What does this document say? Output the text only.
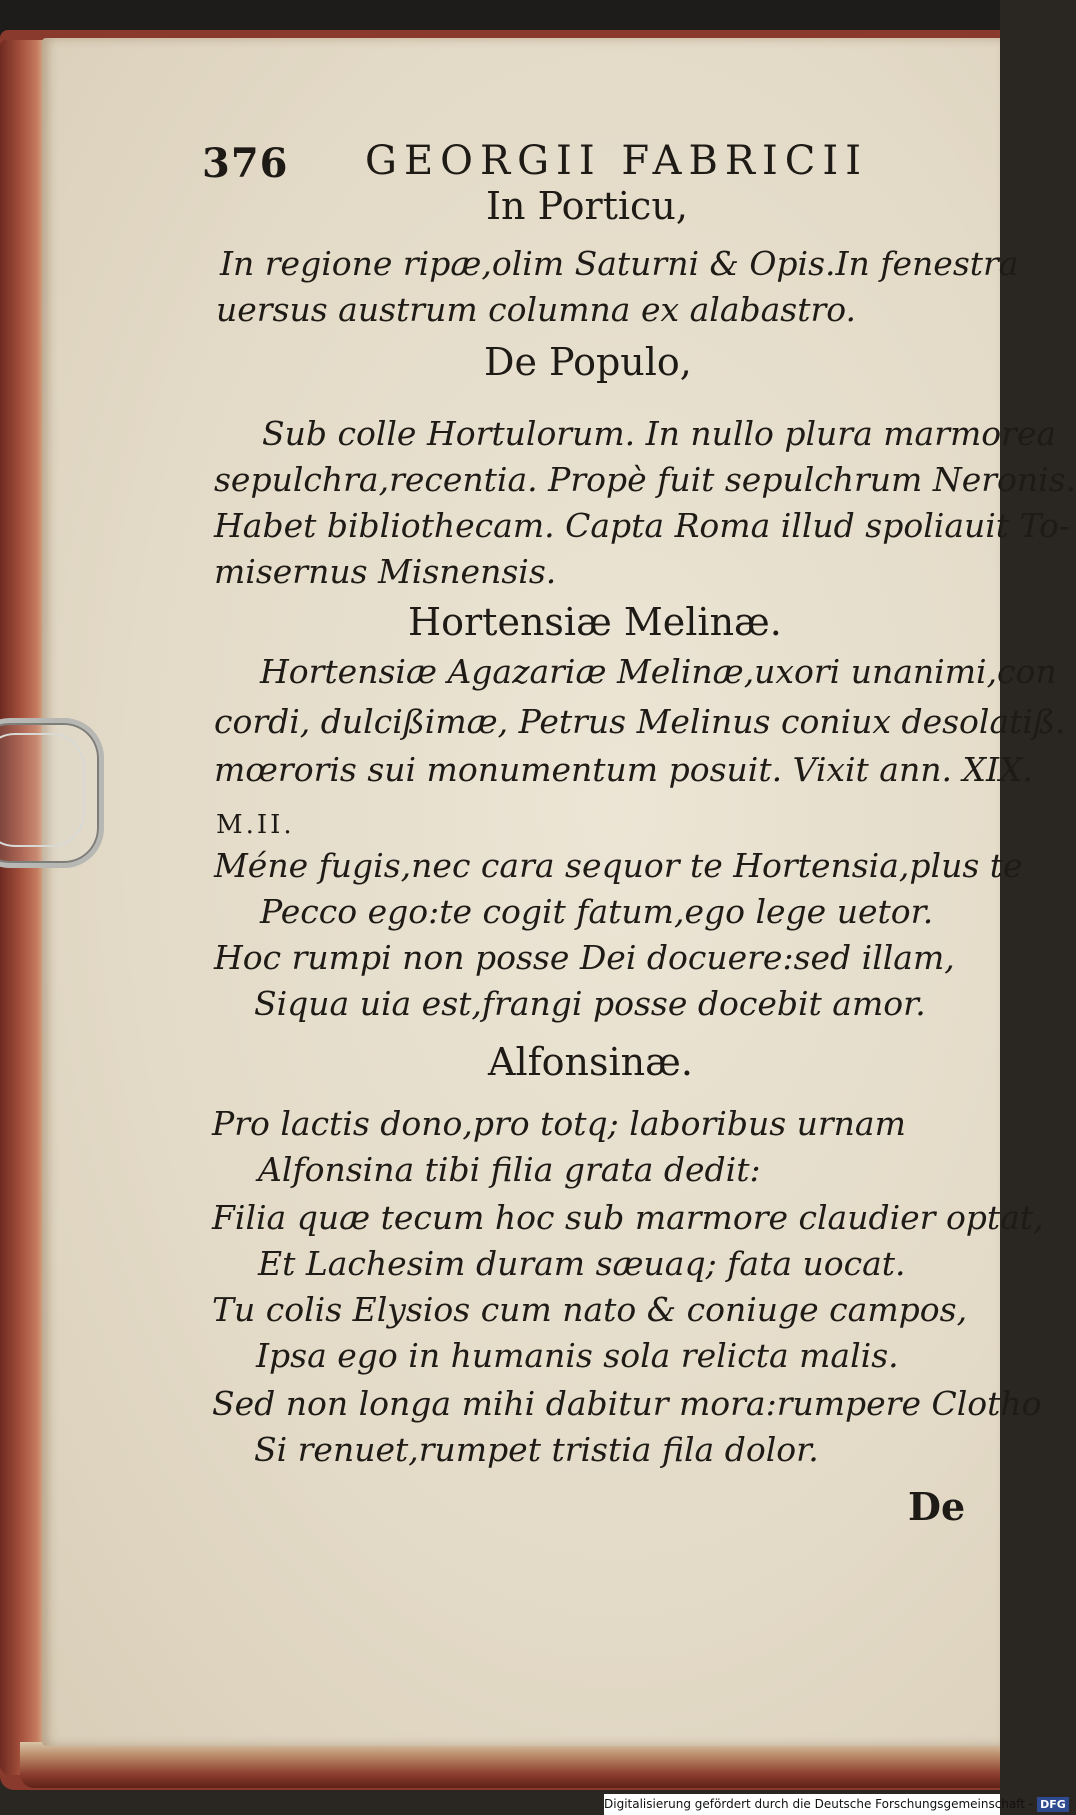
376 GEORGII FABRICII
In Porticu,
In regione ripæ,olim Saturni & Opis.In fenestra
uersus austrum columna ex alabastro.
De Populo,
Sub colle Hortulorum. In nullo plura marmorea
sepulchra,recentia. Propè fuit sepulchrum Neronis.
Habet bibliothecam. Capta Roma illud spoliauit To-
misernus Misnensis.
Hortensiæ Melinæ.
Hortensiæ Agazariæ Melinæ,uxori unanimi,con
cordi, dulcißimæ, Petrus Melinus coniux desolatiß.
mœroris sui monumentum posuit. Vixit ann. XIX.
M.II.
Méne fugis,nec cara sequor te Hortensia,plus te
Pecco ego:te cogit fatum,ego lege uetor.
Hoc rumpi non posse Dei docuere:sed illam,
Siqua uia est,frangi posse docebit amor.
Alfonsinæ.
Pro lactis dono,pro totq; laboribus urnam
Alfonsina tibi filia grata dedit:
Filia quæ tecum hoc sub marmore claudier optat,
Et Lachesim duram sæuaq; fata uocat.
Tu colis Elysios cum nato & coniuge campos,
Ipsa ego in humanis sola relicta malis.
Sed non longa mihi dabitur mora:rumpere Clotho
Si renuet,rumpet tristia fila dolor.
De
Digitalisierung gefördert durch die Deutsche Forschungsgemeinschaft - DFG
